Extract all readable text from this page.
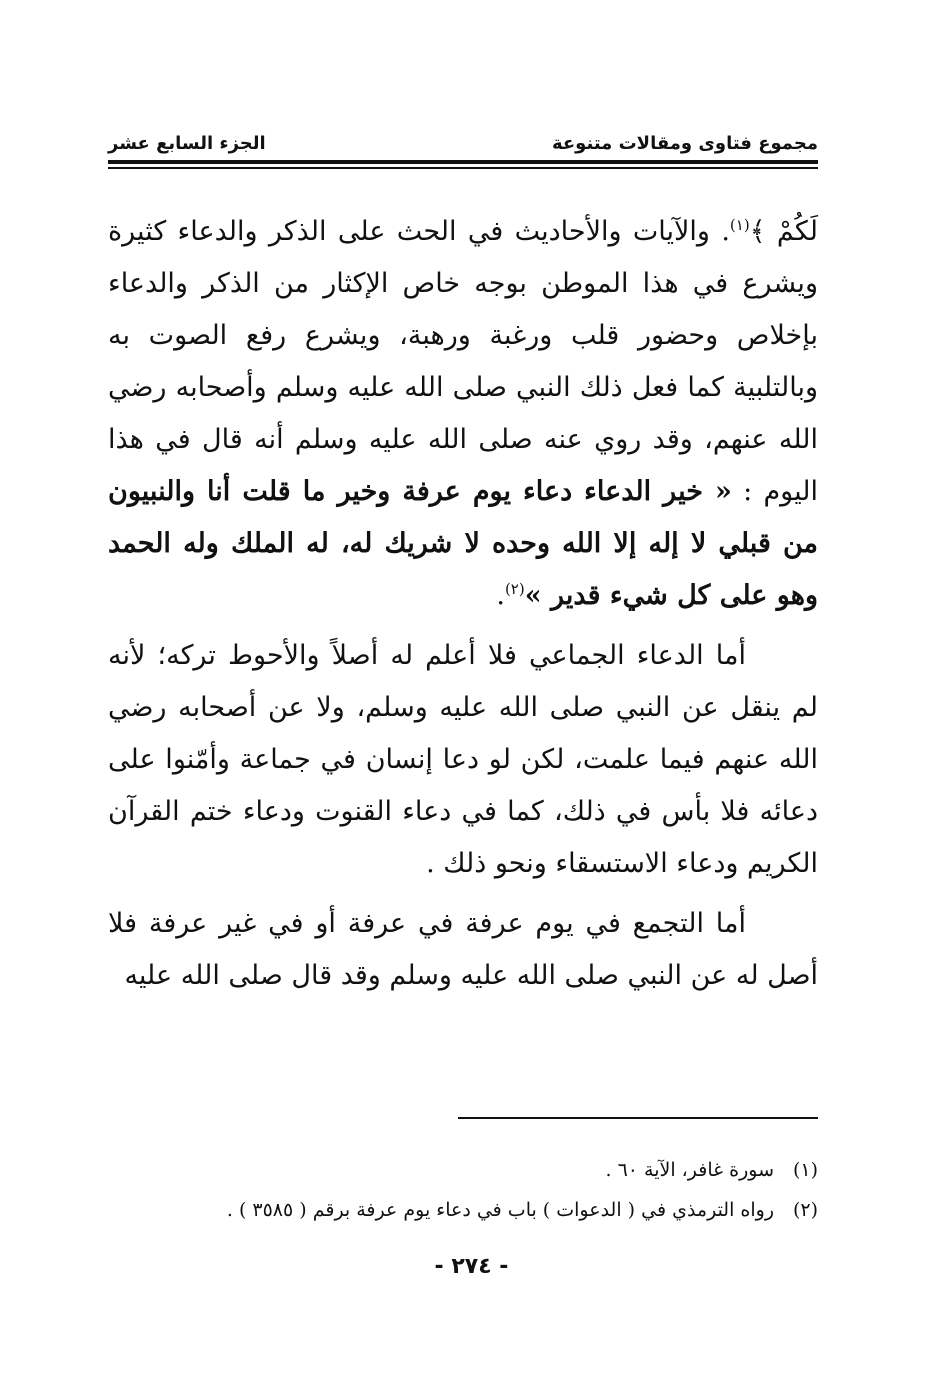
مجموع فتاوى ومقالات متنوعة
الجزء السابع عشر

لَكُمْ ﴾$^{(١)}$. والآيات والأحاديث في الحث على الذكر والدعاء كثيرة ويشرع في هذا الموطن بوجه خاص الإكثار من الذكر والدعاء بإخلاص وحضور قلب ورغبة ورهبة، ويشرع رفع الصوت به وبالتلبية كما فعل ذلك النبي صلى الله عليه وسلم وأصحابه رضي الله عنهم، وقد روي عنه صلى الله عليه وسلم أنه قال في هذا اليوم : « خير الدعاء دعاء يوم عرفة وخير ما قلت أنا والنبيون من قبلي لا إله إلا الله وحده لا شريك له، له الملك وله الحمد وهو على كل شيء قدير »$^{(٢)}$.

أما الدعاء الجماعي فلا أعلم له أصلاً والأحوط تركه؛ لأنه لم ينقل عن النبي صلى الله عليه وسلم، ولا عن أصحابه رضي الله عنهم فيما علمت، لكن لو دعا إنسان في جماعة وأمّنوا على دعائه فلا بأس في ذلك، كما في دعاء القنوت ودعاء ختم القرآن الكريم ودعاء الاستسقاء ونحو ذلك .

أما التجمع في يوم عرفة في عرفة أو في غير عرفة فلا أصل له عن النبي صلى الله عليه وسلم وقد قال صلى الله عليه

(١)سورة غافر، الآية ٦٠ .
(٢)رواه الترمذي في ( الدعوات ) باب في دعاء يوم عرفة برقم ( ٣٥٨٥ ) .
- ٢٧٤ -
